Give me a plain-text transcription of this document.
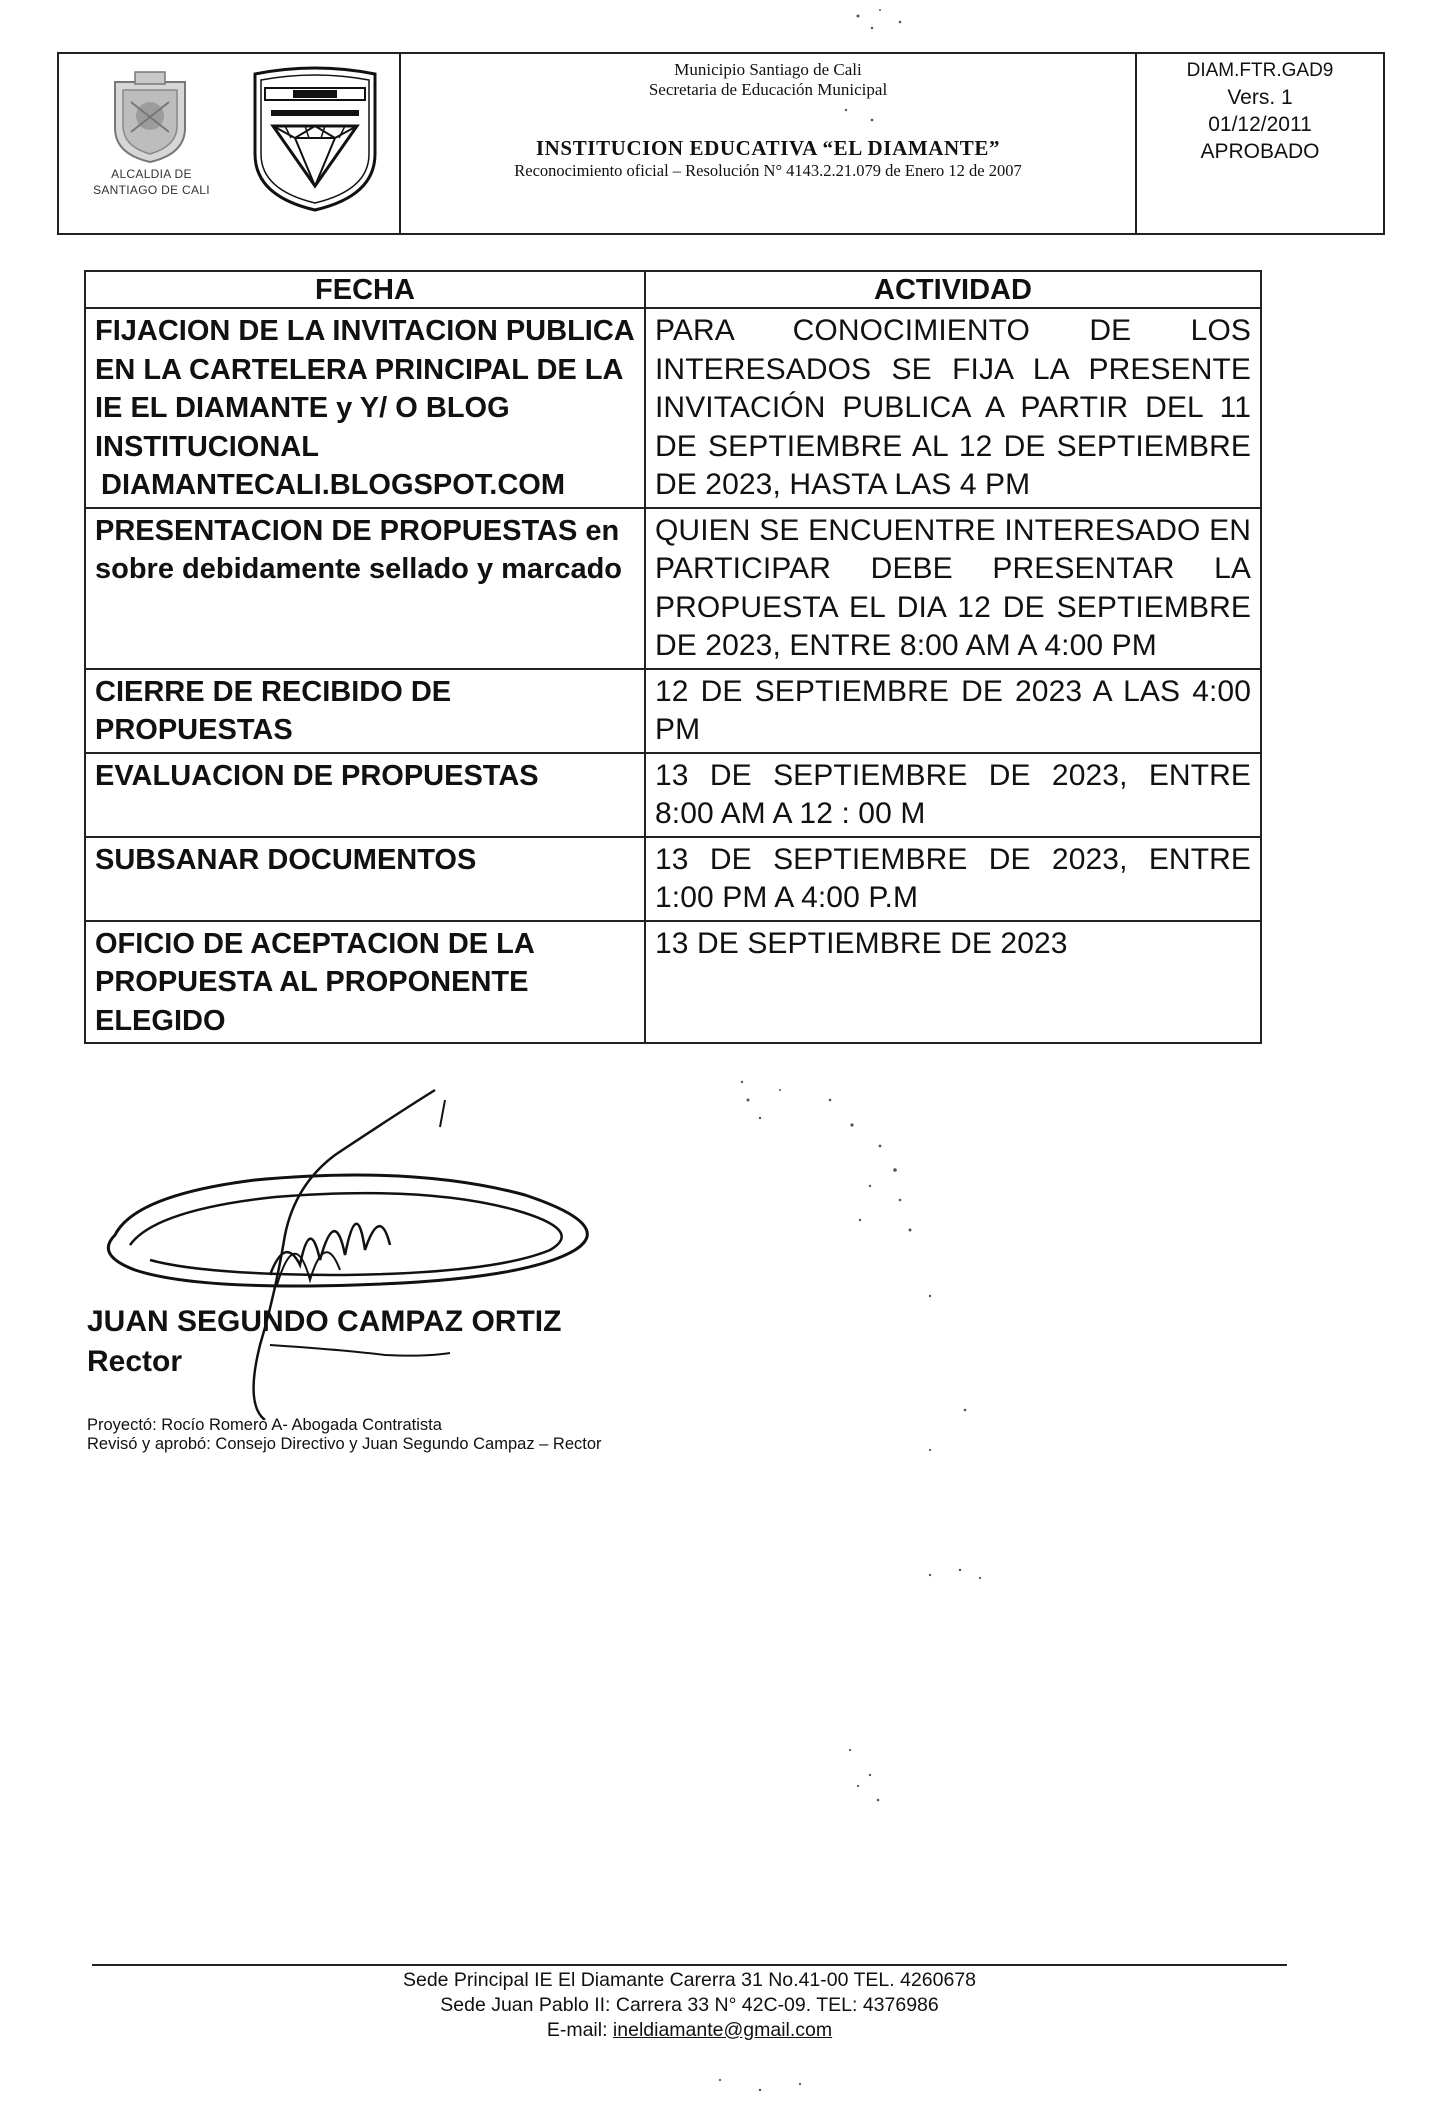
ALCALDIA DE
SANTIAGO DE CALI
Municipio Santiago de Cali
Secretaria de Educación Municipal
INSTITUCION EDUCATIVA “EL DIAMANTE”
Reconocimiento oficial – Resolución N° 4143.2.21.079 de Enero 12 de 2007
DIAM.FTR.GAD9
Vers. 1
01/12/2011
APROBADO
FECHA	ACTIVIDAD

FIJACION DE LA INVITACION PUBLICA EN LA CARTELERA PRINCIPAL DE LA IE EL DIAMANTE y Y/ O BLOG INSTITUCIONAL
DIAMANTECALI.BLOGSPOT.COM	PARA CONOCIMIENTO DE LOS INTERESADOS SE FIJA LA PRESENTE INVITACIÓN PUBLICA A PARTIR DEL 11 DE SEPTIEMBRE AL 12 DE SEPTIEMBRE DE 2023, HASTA LAS 4 PM
PRESENTACION DE PROPUESTAS en sobre debidamente sellado y marcado	QUIEN SE ENCUENTRE INTERESADO EN PARTICIPAR DEBE PRESENTAR LA PROPUESTA EL DIA 12 DE SEPTIEMBRE DE 2023, ENTRE 8:00 AM A 4:00 PM
CIERRE DE RECIBIDO DE PROPUESTAS	12 DE SEPTIEMBRE DE 2023 A LAS 4:00 PM
EVALUACION DE PROPUESTAS	13 DE SEPTIEMBRE DE 2023, ENTRE 8:00 AM A 12 : 00 M
SUBSANAR DOCUMENTOS	13 DE SEPTIEMBRE DE 2023, ENTRE 1:00 PM A 4:00 P.M
OFICIO DE ACEPTACION DE LA PROPUESTA AL PROPONENTE ELEGIDO	13 DE SEPTIEMBRE DE 2023
JUAN SEGUNDO CAMPAZ ORTIZ
Rector
Proyectó: Rocío Romero A- Abogada Contratista
Revisó y aprobó: Consejo Directivo y Juan Segundo Campaz – Rector
Sede Principal IE El Diamante Carerra 31 No.41-00 TEL. 4260678
Sede Juan Pablo II: Carrera 33 N° 42C-09. TEL: 4376986
E-mail: ineldiamante@gmail.com
